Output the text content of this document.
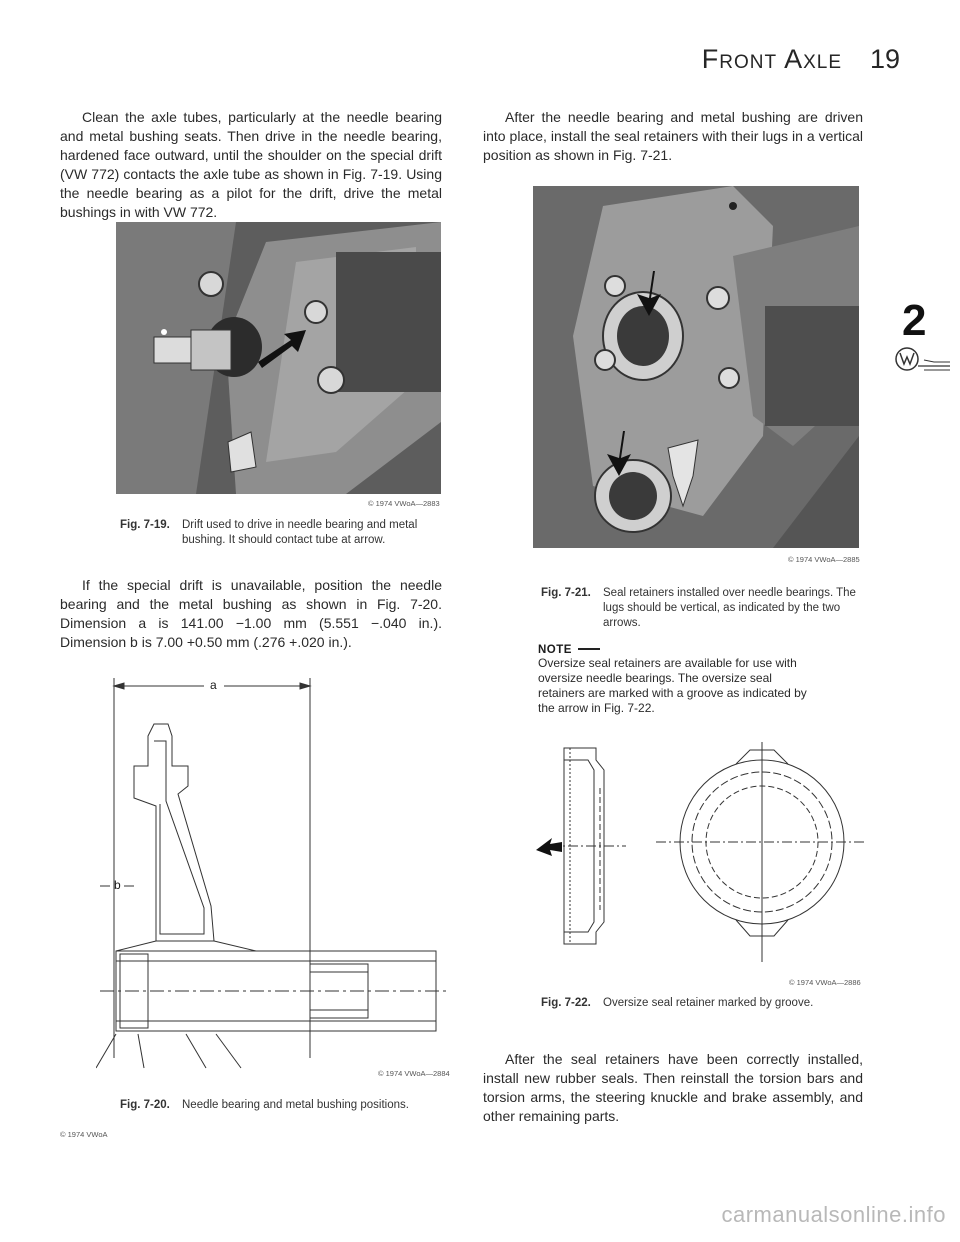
Front Axle 19

Clean the axle tubes, particularly at the needle bearing and metal bushing seats. Then drive in the needle bearing, hardened face outward, until the shoulder on the special drift (VW 772) contacts the axle tube as shown in Fig. 7-19. Using the needle bearing as a pilot for the drift, drive the metal bushings in with VW 772.

© 1974 VWoA—2883
Fig. 7-19. Drift used to drive in needle bearing and metal bushing. It should contact tube at arrow.

If the special drift is unavailable, position the needle bearing and the metal bushing as shown in Fig. 7-20. Dimension a is 141.00 −1.00 mm (5.551 −.040 in.). Dimension b is 7.00 +0.50 mm (.276 +.020 in.).

a
b
© 1974 VWoA—2884
Fig. 7-20. Needle bearing and metal bushing positions.
© 1974 VWoA

After the needle bearing and metal bushing are driven into place, install the seal retainers with their lugs in a vertical position as shown in Fig. 7-21.

© 1974 VWoA—2885
Fig. 7-21. Seal retainers installed over needle bearings. The lugs should be vertical, as indicated by the two arrows.
NOTE
Oversize seal retainers are available for use with oversize needle bearings. The oversize seal retainers are marked with a groove as indicated by the arrow in Fig. 7-22.
© 1974 VWoA—2886
Fig. 7-22. Oversize seal retainer marked by groove.

After the seal retainers have been correctly installed, install new rubber seals. Then reinstall the torsion bars and torsion arms, the steering knuckle and brake assembly, and other remaining parts.

2
carmanualsonline.info
